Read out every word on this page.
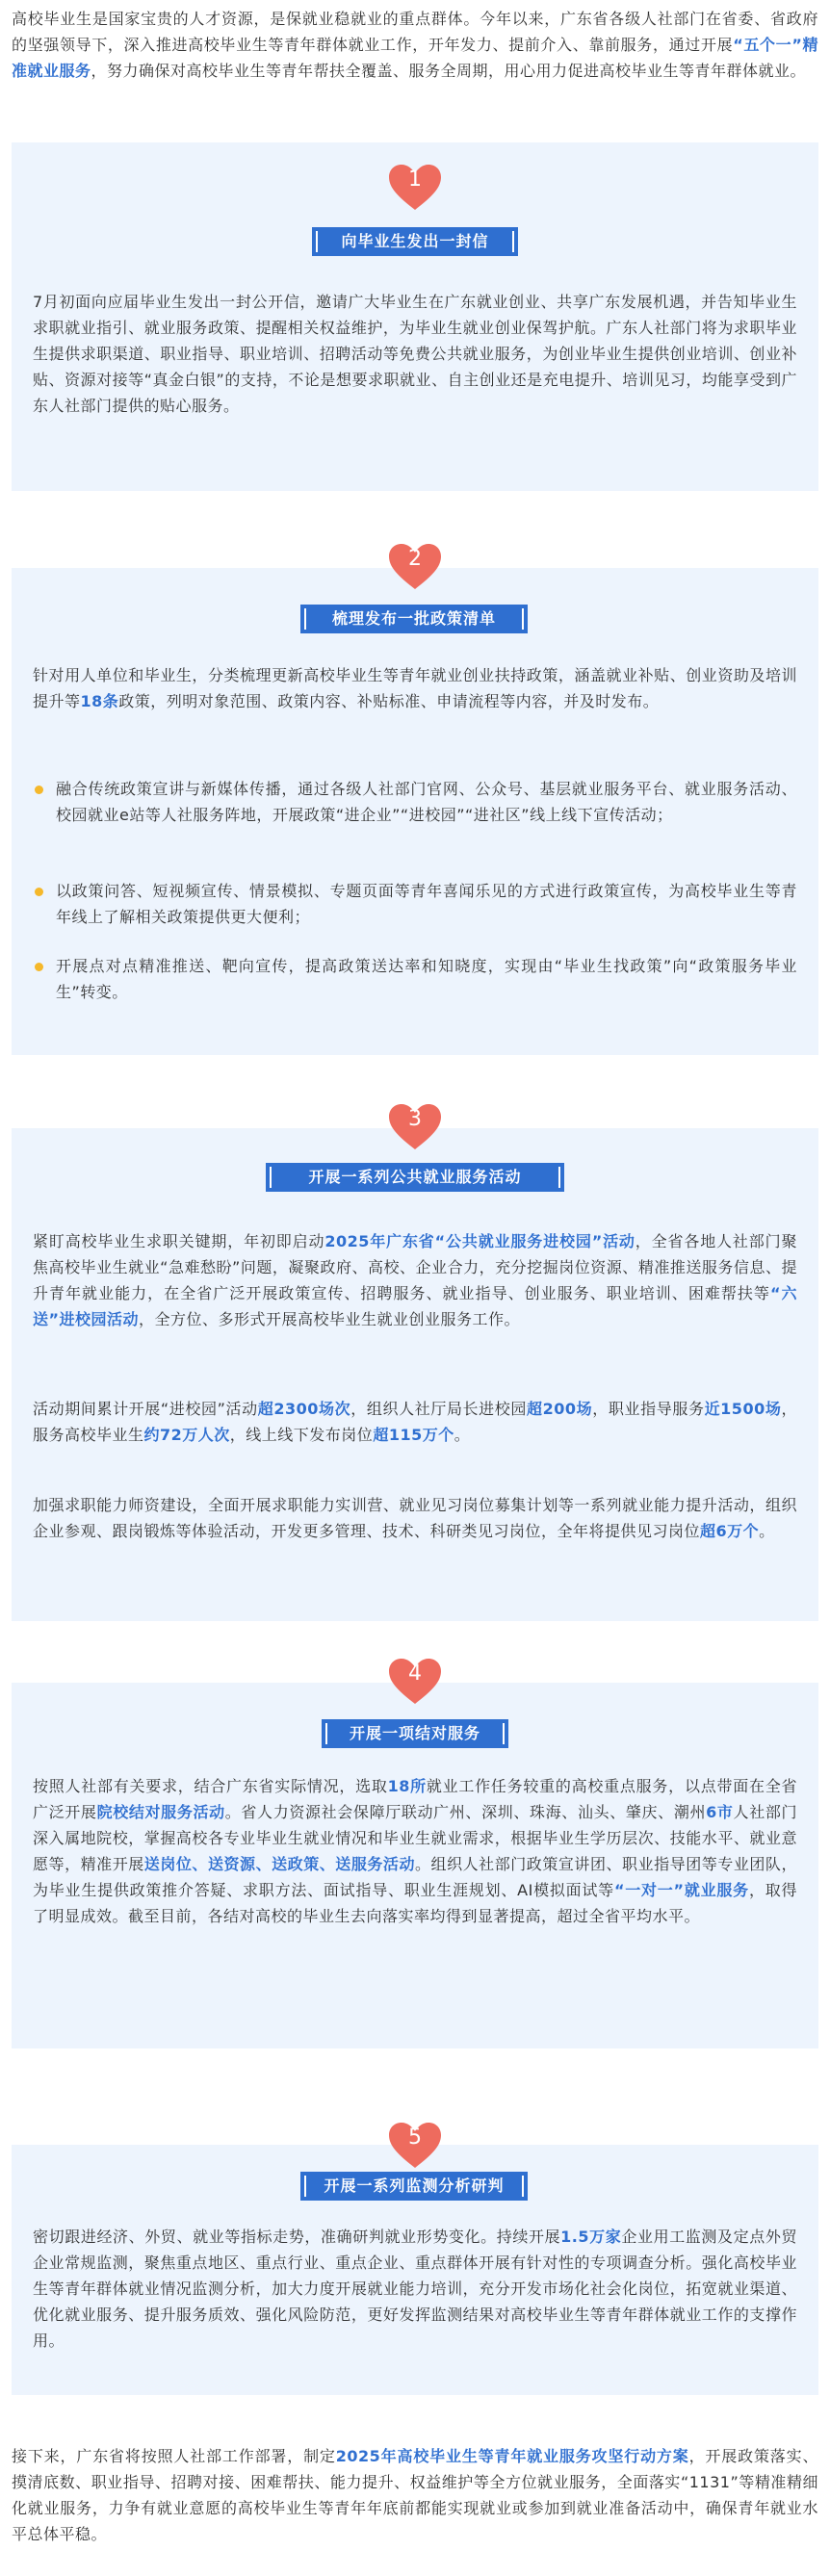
高校毕业生是国家宝贵的人才资源，是保就业稳就业的重点群体。今年以来，广东省各级人社部门在省委、省政府的坚强领导下，深入推进高校毕业生等青年群体就业工作，开年发力、提前介入、靠前服务，通过开展“五个一”精准就业服务，努力确保对高校毕业生等青年帮扶全覆盖、服务全周期，用心用力促进高校毕业生等青年群体就业。

向毕业生发出一封信

7月初面向应届毕业生发出一封公开信，邀请广大毕业生在广东就业创业、共享广东发展机遇，并告知毕业生求职就业指引、就业服务政策、提醒相关权益维护，为毕业生就业创业保驾护航。广东人社部门将为求职毕业生提供求职渠道、职业指导、职业培训、招聘活动等免费公共就业服务，为创业毕业生提供创业培训、创业补贴、资源对接等“真金白银”的支持，不论是想要求职就业、自主创业还是充电提升、培训见习，均能享受到广东人社部门提供的贴心服务。

1
梳理发布一批政策清单

针对用人单位和毕业生，分类梳理更新高校毕业生等青年就业创业扶持政策，涵盖就业补贴、创业资助及培训提升等18条政策，列明对象范围、政策内容、补贴标准、申请流程等内容，并及时发布。

融合传统政策宣讲与新媒体传播，通过各级人社部门官网、公众号、基层就业服务平台、就业服务活动、校园就业e站等人社服务阵地，开展政策“进企业”“进校园”“进社区”线上线下宣传活动；

以政策问答、短视频宣传、情景模拟、专题页面等青年喜闻乐见的方式进行政策宣传，为高校毕业生等青年线上了解相关政策提供更大便利；

开展点对点精准推送、靶向宣传，提高政策送达率和知晓度，实现由“毕业生找政策”向“政策服务毕业生”转变。

2
开展一系列公共就业服务活动

紧盯高校毕业生求职关键期，年初即启动2025年广东省“公共就业服务进校园”活动，全省各地人社部门聚焦高校毕业生就业“急难愁盼”问题，凝聚政府、高校、企业合力，充分挖掘岗位资源、精准推送服务信息、提升青年就业能力，在全省广泛开展政策宣传、招聘服务、就业指导、创业服务、职业培训、困难帮扶等“六送”进校园活动，全方位、多形式开展高校毕业生就业创业服务工作。

活动期间累计开展“进校园”活动超2300场次，组织人社厅局长进校园超200场，职业指导服务近1500场，服务高校毕业生约72万人次，线上线下发布岗位超115万个。

加强求职能力师资建设，全面开展求职能力实训营、就业见习岗位募集计划等一系列就业能力提升活动，组织企业参观、跟岗锻炼等体验活动，开发更多管理、技术、科研类见习岗位，全年将提供见习岗位超6万个。

3
开展一项结对服务

按照人社部有关要求，结合广东省实际情况，选取18所就业工作任务较重的高校重点服务，以点带面在全省广泛开展院校结对服务活动。省人力资源社会保障厅联动广州、深圳、珠海、汕头、肇庆、潮州6市人社部门深入属地院校，掌握高校各专业毕业生就业情况和毕业生就业需求，根据毕业生学历层次、技能水平、就业意愿等，精准开展送岗位、送资源、送政策、送服务活动。组织人社部门政策宣讲团、职业指导团等专业团队，为毕业生提供政策推介答疑、求职方法、面试指导、职业生涯规划、AI模拟面试等“一对一”就业服务，取得了明显成效。截至目前，各结对高校的毕业生去向落实率均得到显著提高，超过全省平均水平。

4
开展一系列监测分析研判

密切跟进经济、外贸、就业等指标走势，准确研判就业形势变化。持续开展1.5万家企业用工监测及定点外贸企业常规监测，聚焦重点地区、重点行业、重点企业、重点群体开展有针对性的专项调查分析。强化高校毕业生等青年群体就业情况监测分析，加大力度开展就业能力培训，充分开发市场化社会化岗位，拓宽就业渠道、优化就业服务、提升服务质效、强化风险防范，更好发挥监测结果对高校毕业生等青年群体就业工作的支撑作用。

5

接下来，广东省将按照人社部工作部署，制定2025年高校毕业生等青年就业服务攻坚行动方案，开展政策落实、摸清底数、职业指导、招聘对接、困难帮扶、能力提升、权益维护等全方位就业服务，全面落实“1131”等精准精细化就业服务，力争有就业意愿的高校毕业生等青年年底前都能实现就业或参加到就业准备活动中，确保青年就业水平总体平稳。
